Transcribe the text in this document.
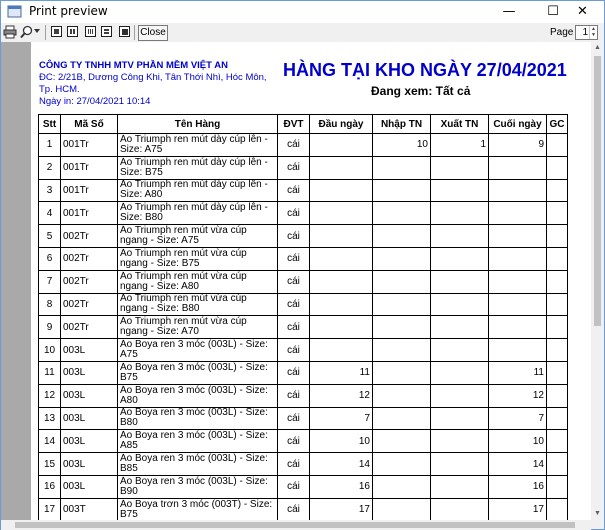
Print preview	—	☐	✕
Close	Page 1 ▲
▼
CÔNG TY TNHH MTV PHẦN MỀM VIỆT AN
ĐC: 2/21B, Dương Công Khi, Tân Thới Nhì, Hóc Môn, Tp. HCM.
Ngày in: 27/04/2021 10:14
HÀNG TẠI KHO NGÀY 27/04/2021
Đang xem: Tất cả
Stt	Mã Số	Tên Hàng	ĐVT	Đầu ngày	Nhập TN	Xuất TN	Cuối ngày	GC
1	001Tr	Áo Triumph ren mút dày cúp lên - Size: A75	cái		10	1	9	
2	001Tr	Áo Triumph ren mút dày cúp lên - Size: B75	cái					
3	001Tr	Áo Triumph ren mút dày cúp lên - Size: A80	cái					
4	001Tr	Áo Triumph ren mút dày cúp lên - Size: B80	cái					
5	002Tr	Áo Triumph ren mút vừa cúp ngang - Size: A75	cái					
6	002Tr	Áo Triumph ren mút vừa cúp ngang - Size: B75	cái					
7	002Tr	Áo Triumph ren mút vừa cúp ngang - Size: A80	cái					
8	002Tr	Áo Triumph ren mút vừa cúp ngang - Size: B80	cái					
9	002Tr	Áo Triumph ren mút vừa cúp ngang - Size: A70	cái					
10	003L	Áo Boya ren 3 móc (003L) - Size: A75	cái					
11	003L	Áo Boya ren 3 móc (003L) - Size: B75	cái	11			11	
12	003L	Áo Boya ren 3 móc (003L) - Size: A80	cái	12			12	
13	003L	Áo Boya ren 3 móc (003L) - Size: B80	cái	7			7	
14	003L	Áo Boya ren 3 móc (003L) - Size: A85	cái	10			10	
15	003L	Áo Boya ren 3 móc (003L) - Size: B85	cái	14			14	
16	003L	Áo Boya ren 3 móc (003L) - Size: B90	cái	16			16	
17	003T	Áo Boya trơn 3 móc (003T) - Size: B75	cái	17			17	
▲
▼
